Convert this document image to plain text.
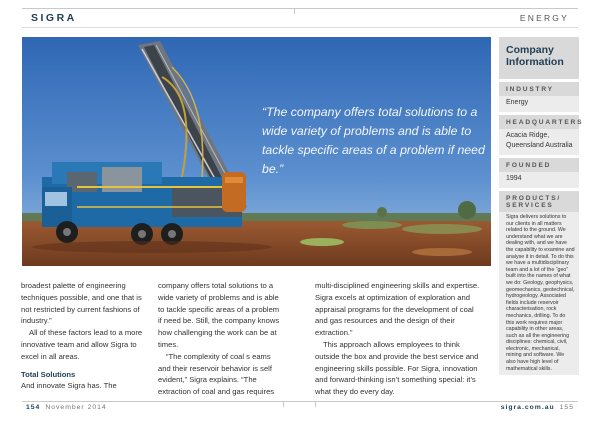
SIGRA	ENERGY
“The company offers total solutions to a wide variety of problems and is able to tackle specific areas of a problem if need be.”
Company Information
INDUSTRY
Energy
HEADQUARTERS
Acacia Ridge, Queensland Australia
FOUNDED
1994
PRODUCTS/ SERVICES
Sigra delivers solutions to our clients in all matters related to the ground. We understand what we are dealing with, and we have the capability to examine and analyse it in detail. To do this we have a multidisciplinary team and a lot of the “geo” built into the names of what we do: Geology, geophysics, geomechanics, geotechnical, hydrogeology. Associated fields include reservoir characterisation, rock mechanics, drilling. To do this work requires major capability in other areas, such as all the engineering disciplines: chemical, civil, electronic, mechanical, mining and software. We also have high level of mathematical skills.

broadest palette of engineering techniques possible, and one that is not restricted by current fashions of industry.”

All of these factors lead to a more innovative team and allow Sigra to excel in all areas.

Total Solutions

And innovate Sigra has. The

company offers total solutions to a wide variety of problems and is able to tackle specific areas of a problem if need be. Still, the company knows how challenging the work can be at times.

“The complexity of coal s eams and their reservoir behavior is self evident,” Sigra explains. “The extraction of coal and gas requires

multi-disciplined engineering skills and expertise. Sigra excels at optimization of exploration and appraisal programs for the development of coal and gas resources and the design of their extraction.”

This approach allows employees to think outside the box and provide the best service and engineering skills possible. For Sigra, innovation and forward-thinking isn’t something special: it’s what they do every day.

154 November 2014	sigra.com.au 155
